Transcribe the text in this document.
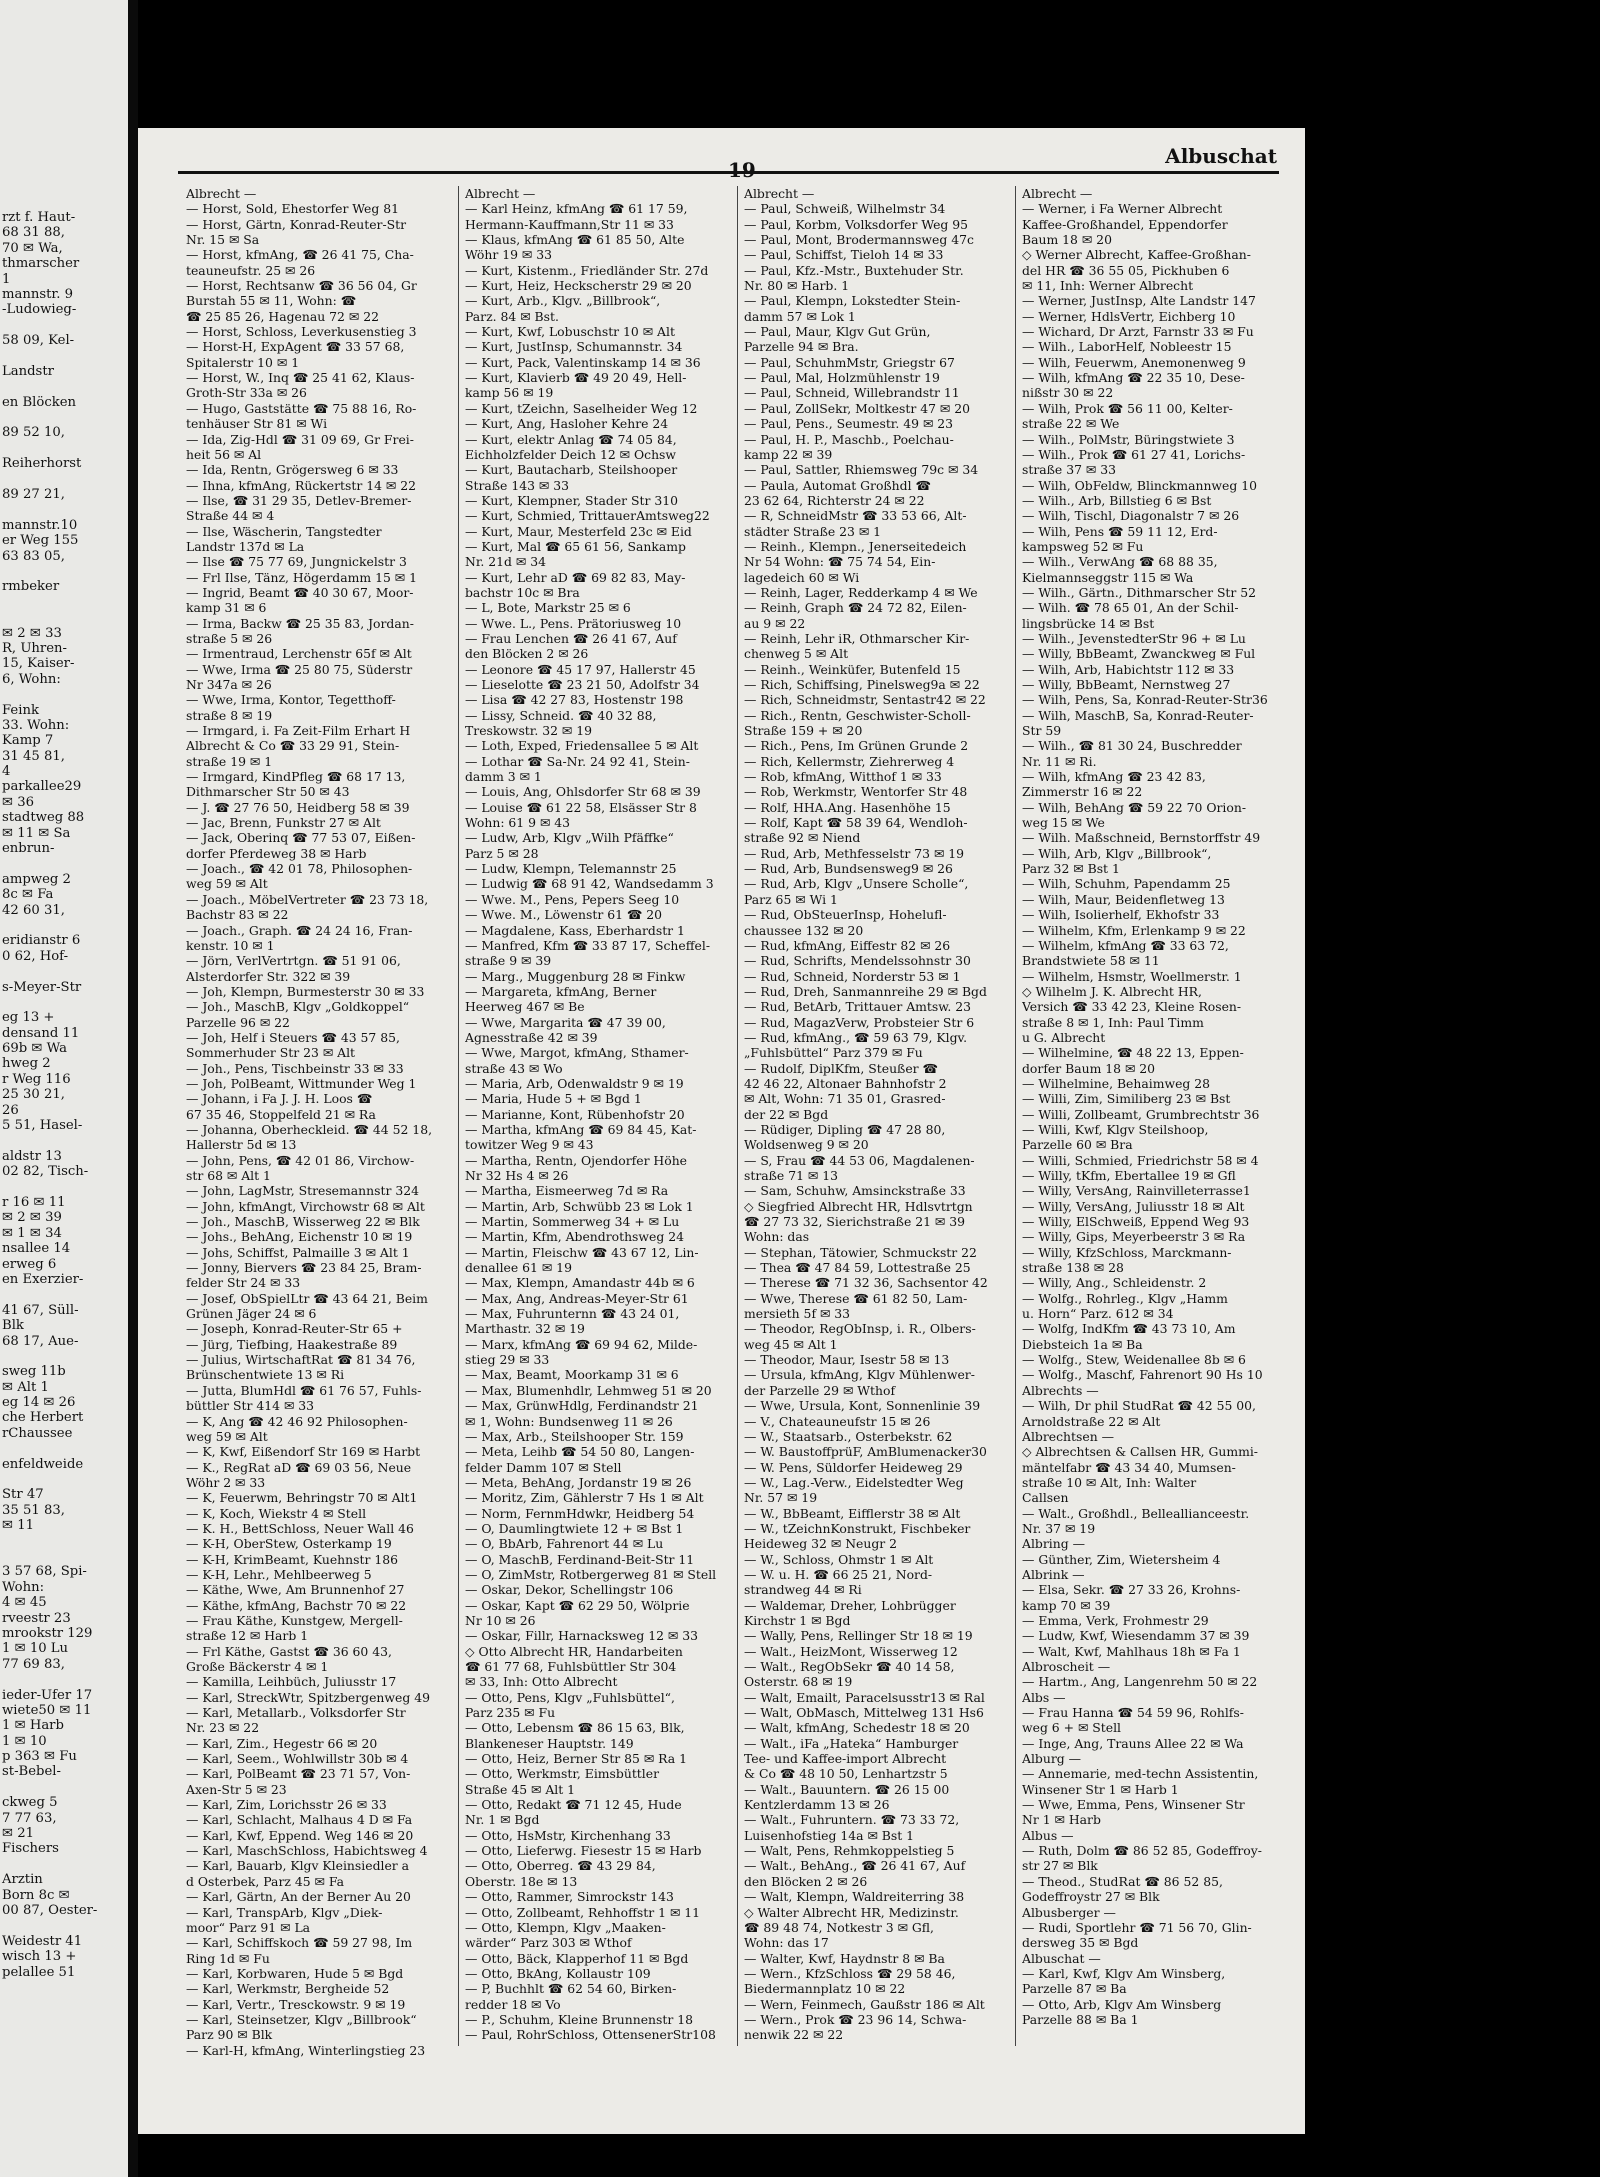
rzt f. Haut-
68 31 88,
70 ✉ Wa,
thmarscher
1
mannstr. 9
-Ludowieg-
58 09, Kel-
Landstr
en Blöcken
89 52 10,
Reiherhorst
89 27 21,
mannstr.10
er Weg 155
63 83 05,
rmbeker
✉ 2 ✉ 33
R, Uhren-
15, Kaiser-
6, Wohn:
Feink
33. Wohn:
Kamp 7
31 45 81,
4
parkallee29
✉ 36
stadtweg 88
✉ 11 ✉ Sa
enbrun-
ampweg 2
8c ✉ Fa
42 60 31,
eridianstr 6
0 62, Hof-
s-Meyer-Str
eg 13 +
densand 11
69b ✉ Wa
hweg 2
r Weg 116
25 30 21,
26
5 51, Hasel-
aldstr 13
02 82, Tisch-
r 16 ✉ 11
✉ 2 ✉ 39
✉ 1 ✉ 34
nsallee 14
erweg 6
en Exerzier-
41 67, Süll-
Blk
68 17, Aue-
sweg 11b
✉ Alt 1
eg 14 ✉ 26
che Herbert
rChaussee
enfeldweide
Str 47
35 51 83,
✉ 11
3 57 68, Spi-
Wohn:
4 ✉ 45
rveestr 23
mrookstr 129
1 ✉ 10 Lu
77 69 83,
ieder-Ufer 17
wiete50 ✉ 11
1 ✉ Harb
1 ✉ 10
p 363 ✉ Fu
st-Bebel-
ckweg 5
7 77 63,
✉ 21
Fischers
Arztin
Born 8c ✉
00 87, Oester-
Weidestr 41
wisch 13 +
pelallee 51
19
Albuschat
Albrecht —
— Horst, Sold, Ehestorfer Weg 81
— Horst, Gärtn, Konrad-Reuter-Str
Nr. 15 ✉ Sa
— Horst, kfmAng, ☎ 26 41 75, Cha-
teauneufstr. 25 ✉ 26
— Horst, Rechtsanw ☎ 36 56 04, Gr
Burstah 55 ✉ 11, Wohn: ☎
☎ 25 85 26, Hagenau 72 ✉ 22
— Horst, Schloss, Leverkusenstieg 3
— Horst-H, ExpAgent ☎ 33 57 68,
Spitalerstr 10 ✉ 1
— Horst, W., Inq ☎ 25 41 62, Klaus-
Groth-Str 33a ✉ 26
— Hugo, Gaststätte ☎ 75 88 16, Ro-
tenhäuser Str 81 ✉ Wi
— Ida, Zig-Hdl ☎ 31 09 69, Gr Frei-
heit 56 ✉ Al
— Ida, Rentn, Grögersweg 6 ✉ 33
— Ihna, kfmAng, Rückertstr 14 ✉ 22
— Ilse, ☎ 31 29 35, Detlev-Bremer-
Straße 44 ✉ 4
— Ilse, Wäscherin, Tangstedter
Landstr 137d ✉ La
— Ilse ☎ 75 77 69, Jungnickelstr 3
— Frl Ilse, Tänz, Högerdamm 15 ✉ 1
— Ingrid, Beamt ☎ 40 30 67, Moor-
kamp 31 ✉ 6
— Irma, Backw ☎ 25 35 83, Jordan-
straße 5 ✉ 26
— Irmentraud, Lerchenstr 65f ✉ Alt
— Wwe, Irma ☎ 25 80 75, Süderstr
Nr 347a ✉ 26
— Wwe, Irma, Kontor, Tegetthoff-
straße 8 ✉ 19
— Irmgard, i. Fa Zeit-Film Erhart H
Albrecht & Co ☎ 33 29 91, Stein-
straße 19 ✉ 1
— Irmgard, KindPfleg ☎ 68 17 13,
Dithmarscher Str 50 ✉ 43
— J. ☎ 27 76 50, Heidberg 58 ✉ 39
— Jac, Brenn, Funkstr 27 ✉ Alt
— Jack, Oberinq ☎ 77 53 07, Eißen-
dorfer Pferdeweg 38 ✉ Harb
— Joach., ☎ 42 01 78, Philosophen-
weg 59 ✉ Alt
— Joach., MöbelVertreter ☎ 23 73 18,
Bachstr 83 ✉ 22
— Joach., Graph. ☎ 24 24 16, Fran-
kenstr. 10 ✉ 1
— Jörn, VerlVertrtgn. ☎ 51 91 06,
Alsterdorfer Str. 322 ✉ 39
— Joh, Klempn, Burmesterstr 30 ✉ 33
— Joh., MaschB, Klgv „Goldkoppel“
Parzelle 96 ✉ 22
— Joh, Helf i Steuers ☎ 43 57 85,
Sommerhuder Str 23 ✉ Alt
— Joh., Pens, Tischbeinstr 33 ✉ 33
— Joh, PolBeamt, Wittmunder Weg 1
— Johann, i Fa J. J. H. Loos ☎
67 35 46, Stoppelfeld 21 ✉ Ra
— Johanna, Oberheckleid. ☎ 44 52 18,
Hallerstr 5d ✉ 13
— John, Pens, ☎ 42 01 86, Virchow-
str 68 ✉ Alt 1
— John, LagMstr, Stresemannstr 324
— John, kfmAngt, Virchowstr 68 ✉ Alt
— Joh., MaschB, Wisserweg 22 ✉ Blk
— Johs., BehAng, Eichenstr 10 ✉ 19
— Johs, Schiffst, Palmaille 3 ✉ Alt 1
— Jonny, Biervers ☎ 23 84 25, Bram-
felder Str 24 ✉ 33
— Josef, ObSpielLtr ☎ 43 64 21, Beim
Grünen Jäger 24 ✉ 6
— Joseph, Konrad-Reuter-Str 65 +
— Jürg, Tiefbing, Haakestraße 89
— Julius, WirtschaftRat ☎ 81 34 76,
Brünschentwiete 13 ✉ Ri
— Jutta, BlumHdl ☎ 61 76 57, Fuhls-
büttler Str 414 ✉ 33
— K, Ang ☎ 42 46 92 Philosophen-
weg 59 ✉ Alt
— K, Kwf, Eißendorf Str 169 ✉ Harbt
— K., RegRat aD ☎ 69 03 56, Neue
Wöhr 2 ✉ 33
— K, Feuerwm, Behringstr 70 ✉ Alt1
— K, Koch, Wiekstr 4 ✉ Stell
— K. H., BettSchloss, Neuer Wall 46
— K-H, OberStew, Osterkamp 19
— K-H, KrimBeamt, Kuehnstr 186
— K-H, Lehr., Mehlbeerweg 5
— Käthe, Wwe, Am Brunnenhof 27
— Käthe, kfmAng, Bachstr 70 ✉ 22
— Frau Käthe, Kunstgew, Mergell-
straße 12 ✉ Harb 1
— Frl Käthe, Gastst ☎ 36 60 43,
Große Bäckerstr 4 ✉ 1
— Kamilla, Leihbüch, Juliusstr 17
— Karl, StreckWtr, Spitzbergenweg 49
— Karl, Metallarb., Volksdorfer Str
Nr. 23 ✉ 22
— Karl, Zim., Hegestr 66 ✉ 20
— Karl, Seem., Wohlwillstr 30b ✉ 4
— Karl, PolBeamt ☎ 23 71 57, Von-
Axen-Str 5 ✉ 23
— Karl, Zim, Lorichsstr 26 ✉ 33
— Karl, Schlacht, Malhaus 4 D ✉ Fa
— Karl, Kwf, Eppend. Weg 146 ✉ 20
— Karl, MaschSchloss, Habichtsweg 4
— Karl, Bauarb, Klgv Kleinsiedler a
d Osterbek, Parz 45 ✉ Fa
— Karl, Gärtn, An der Berner Au 20
— Karl, TranspArb, Klgv „Diek-
moor“ Parz 91 ✉ La
— Karl, Schiffskoch ☎ 59 27 98, Im
Ring 1d ✉ Fu
— Karl, Korbwaren, Hude 5 ✉ Bgd
— Karl, Werkmstr, Bergheide 52
— Karl, Vertr., Tresckowstr. 9 ✉ 19
— Karl, Steinsetzer, Klgv „Billbrook“
Parz 90 ✉ Blk
— Karl-H, kfmAng, Winterlingstieg 23
Albrecht —
— Karl Heinz, kfmAng ☎ 61 17 59,
Hermann-Kauffmann,Str 11 ✉ 33
— Klaus, kfmAng ☎ 61 85 50, Alte
Wöhr 19 ✉ 33
— Kurt, Kistenm., Friedländer Str. 27d
— Kurt, Heiz, Heckscherstr 29 ✉ 20
— Kurt, Arb., Klgv. „Billbrook“,
Parz. 84 ✉ Bst.
— Kurt, Kwf, Lobuschstr 10 ✉ Alt
— Kurt, JustInsp, Schumannstr. 34
— Kurt, Pack, Valentinskamp 14 ✉ 36
— Kurt, Klavierb ☎ 49 20 49, Hell-
kamp 56 ✉ 19
— Kurt, tZeichn, Saselheider Weg 12
— Kurt, Ang, Hasloher Kehre 24
— Kurt, elektr Anlag ☎ 74 05 84,
Eichholzfelder Deich 12 ✉ Ochsw
— Kurt, Bautacharb, Steilshooper
Straße 143 ✉ 33
— Kurt, Klempner, Stader Str 310
— Kurt, Schmied, TrittauerAmtsweg22
— Kurt, Maur, Mesterfeld 23c ✉ Eid
— Kurt, Mal ☎ 65 61 56, Sankamp
Nr. 21d ✉ 34
— Kurt, Lehr aD ☎ 69 82 83, May-
bachstr 10c ✉ Bra
— L, Bote, Markstr 25 ✉ 6
— Wwe. L., Pens. Prätoriusweg 10
— Frau Lenchen ☎ 26 41 67, Auf
den Blöcken 2 ✉ 26
— Leonore ☎ 45 17 97, Hallerstr 45
— Lieselotte ☎ 23 21 50, Adolfstr 34
— Lisa ☎ 42 27 83, Hostenstr 198
— Lissy, Schneid. ☎ 40 32 88,
Treskowstr. 32 ✉ 19
— Loth, Exped, Friedensallee 5 ✉ Alt
— Lothar ☎ Sa-Nr. 24 92 41, Stein-
damm 3 ✉ 1
— Louis, Ang, Ohlsdorfer Str 68 ✉ 39
— Louise ☎ 61 22 58, Elsässer Str 8
Wohn: 61 9 ✉ 43
— Ludw, Arb, Klgv „Wilh Pfäffke“
Parz 5 ✉ 28
— Ludw, Klempn, Telemannstr 25
— Ludwig ☎ 68 91 42, Wandsedamm 3
— Wwe. M., Pens, Pepers Seeg 10
— Wwe. M., Löwenstr 61 ☎ 20
— Magdalene, Kass, Eberhardstr 1
— Manfred, Kfm ☎ 33 87 17, Scheffel-
straße 9 ✉ 39
— Marg., Muggenburg 28 ✉ Finkw
— Margareta, kfmAng, Berner
Heerweg 467 ✉ Be
— Wwe, Margarita ☎ 47 39 00,
Agnesstraße 42 ✉ 39
— Wwe, Margot, kfmAng, Sthamer-
straße 43 ✉ Wo
— Maria, Arb, Odenwaldstr 9 ✉ 19
— Maria, Hude 5 + ✉ Bgd 1
— Marianne, Kont, Rübenhofstr 20
— Martha, kfmAng ☎ 69 84 45, Kat-
towitzer Weg 9 ✉ 43
— Martha, Rentn, Ojendorfer Höhe
Nr 32 Hs 4 ✉ 26
— Martha, Eismeerweg 7d ✉ Ra
— Martin, Arb, Schwübb 23 ✉ Lok 1
— Martin, Sommerweg 34 + ✉ Lu
— Martin, Kfm, Abendrothsweg 24
— Martin, Fleischw ☎ 43 67 12, Lin-
denallee 61 ✉ 19
— Max, Klempn, Amandastr 44b ✉ 6
— Max, Ang, Andreas-Meyer-Str 61
— Max, Fuhrunternn ☎ 43 24 01,
Marthastr. 32 ✉ 19
— Marx, kfmAng ☎ 69 94 62, Milde-
stieg 29 ✉ 33
— Max, Beamt, Moorkamp 31 ✉ 6
— Max, Blumenhdlr, Lehmweg 51 ✉ 20
— Max, GrünwHdlg, Ferdinandstr 21
✉ 1, Wohn: Bundsenweg 11 ✉ 26
— Max, Arb., Steilshooper Str. 159
— Meta, Leihb ☎ 54 50 80, Langen-
felder Damm 107 ✉ Stell
— Meta, BehAng, Jordanstr 19 ✉ 26
— Moritz, Zim, Gählerstr 7 Hs 1 ✉ Alt
— Norm, FernmHdwkr, Heidberg 54
— O, Daumlingtwiete 12 + ✉ Bst 1
— O, BbArb, Fahrenort 44 ✉ Lu
— O, MaschB, Ferdinand-Beit-Str 11
— O, ZimMstr, Rotbergerweg 81 ✉ Stell
— Oskar, Dekor, Schellingstr 106
— Oskar, Kapt ☎ 62 29 50, Wölprie
Nr 10 ✉ 26
— Oskar, Fillr, Harnacksweg 12 ✉ 33
◇ Otto Albrecht HR, Handarbeiten
☎ 61 77 68, Fuhlsbüttler Str 304
✉ 33, Inh: Otto Albrecht
— Otto, Pens, Klgv „Fuhlsbüttel“,
Parz 235 ✉ Fu
— Otto, Lebensm ☎ 86 15 63, Blk,
Blankeneser Hauptstr. 149
— Otto, Heiz, Berner Str 85 ✉ Ra 1
— Otto, Werkmstr, Eimsbüttler
Straße 45 ✉ Alt 1
— Otto, Redakt ☎ 71 12 45, Hude
Nr. 1 ✉ Bgd
— Otto, HsMstr, Kirchenhang 33
— Otto, Lieferwg. Fiesestr 15 ✉ Harb
— Otto, Oberreg. ☎ 43 29 84,
Oberstr. 18e ✉ 13
— Otto, Rammer, Simrockstr 143
— Otto, Zollbeamt, Rehhoffstr 1 ✉ 11
— Otto, Klempn, Klgv „Maaken-
wärder“ Parz 303 ✉ Wthof
— Otto, Bäck, Klapperhof 11 ✉ Bgd
— Otto, BkAng, Kollaustr 109
— P, Buchhlt ☎ 62 54 60, Birken-
redder 18 ✉ Vo
— P., Schuhm, Kleine Brunnenstr 18
— Paul, RohrSchloss, OttensenerStr108
Albrecht —
— Paul, Schweiß, Wilhelmstr 34
— Paul, Korbm, Volksdorfer Weg 95
— Paul, Mont, Brodermannsweg 47c
— Paul, Schiffst, Tieloh 14 ✉ 33
— Paul, Kfz.-Mstr., Buxtehuder Str.
Nr. 80 ✉ Harb. 1
— Paul, Klempn, Lokstedter Stein-
damm 57 ✉ Lok 1
— Paul, Maur, Klgv Gut Grün,
Parzelle 94 ✉ Bra.
— Paul, SchuhmMstr, Griegstr 67
— Paul, Mal, Holzmühlenstr 19
— Paul, Schneid, Willebrandstr 11
— Paul, ZollSekr, Moltkestr 47 ✉ 20
— Paul, Pens., Seumestr. 49 ✉ 23
— Paul, H. P., Maschb., Poelchau-
kamp 22 ✉ 39
— Paul, Sattler, Rhiemsweg 79c ✉ 34
— Paula, Automat Großhdl ☎
23 62 64, Richterstr 24 ✉ 22
— R, SchneidMstr ☎ 33 53 66, Alt-
städter Straße 23 ✉ 1
— Reinh., Klempn., Jenerseitedeich
Nr 54 Wohn: ☎ 75 74 54, Ein-
lagedeich 60 ✉ Wi
— Reinh, Lager, Redderkamp 4 ✉ We
— Reinh, Graph ☎ 24 72 82, Eilen-
au 9 ✉ 22
— Reinh, Lehr iR, Othmarscher Kir-
chenweg 5 ✉ Alt
— Reinh., Weinküfer, Butenfeld 15
— Rich, Schiffsing, Pinelsweg9a ✉ 22
— Rich, Schneidmstr, Sentastr42 ✉ 22
— Rich., Rentn, Geschwister-Scholl-
Straße 159 + ✉ 20
— Rich., Pens, Im Grünen Grunde 2
— Rich, Kellermstr, Ziehrerweg 4
— Rob, kfmAng, Witthof 1 ✉ 33
— Rob, Werkmstr, Wentorfer Str 48
— Rolf, HHA.Ang. Hasenhöhe 15
— Rolf, Kapt ☎ 58 39 64, Wendloh-
straße 92 ✉ Niend
— Rud, Arb, Methfesselstr 73 ✉ 19
— Rud, Arb, Bundsensweg9 ✉ 26
— Rud, Arb, Klgv „Unsere Scholle“,
Parz 65 ✉ Wi 1
— Rud, ObSteuerInsp, Hohelufl-
chaussee 132 ✉ 20
— Rud, kfmAng, Eiffestr 82 ✉ 26
— Rud, Schrifts, Mendelssohnstr 30
— Rud, Schneid, Norderstr 53 ✉ 1
— Rud, Dreh, Sanmannreihe 29 ✉ Bgd
— Rud, BetArb, Trittauer Amtsw. 23
— Rud, MagazVerw, Probsteier Str 6
— Rud, kfmAng., ☎ 59 63 79, Klgv.
„Fuhlsbüttel“ Parz 379 ✉ Fu
— Rudolf, DiplKfm, Steußer ☎
42 46 22, Altonaer Bahnhofstr 2
✉ Alt, Wohn: 71 35 01, Grasred-
der 22 ✉ Bgd
— Rüdiger, Dipling ☎ 47 28 80,
Woldsenweg 9 ✉ 20
— S, Frau ☎ 44 53 06, Magdalenen-
straße 71 ✉ 13
— Sam, Schuhw, Amsinckstraße 33
◇ Siegfried Albrecht HR, Hdlsvtrtgn
☎ 27 73 32, Sierichstraße 21 ✉ 39
Wohn: das
— Stephan, Tätowier, Schmuckstr 22
— Thea ☎ 47 84 59, Lottestraße 25
— Therese ☎ 71 32 36, Sachsentor 42
— Wwe, Therese ☎ 61 82 50, Lam-
mersieth 5f ✉ 33
— Theodor, RegObInsp, i. R., Olbers-
weg 45 ✉ Alt 1
— Theodor, Maur, Isestr 58 ✉ 13
— Ursula, kfmAng, Klgv Mühlenwer-
der Parzelle 29 ✉ Wthof
— Wwe, Ursula, Kont, Sonnenlinie 39
— V., Chateauneufstr 15 ✉ 26
— W., Staatsarb., Osterbekstr. 62
— W. BaustoffprüF, AmBlumenacker30
— W. Pens, Süldorfer Heideweg 29
— W., Lag.-Verw., Eidelstedter Weg
Nr. 57 ✉ 19
— W., BbBeamt, Eifflerstr 38 ✉ Alt
— W., tZeichnKonstrukt, Fischbeker
Heideweg 32 ✉ Neugr 2
— W., Schloss, Ohmstr 1 ✉ Alt
— W. u. H. ☎ 66 25 21, Nord-
strandweg 44 ✉ Ri
— Waldemar, Dreher, Lohbrügger
Kirchstr 1 ✉ Bgd
— Wally, Pens, Rellinger Str 18 ✉ 19
— Walt., HeizMont, Wisserweg 12
— Walt., RegObSekr ☎ 40 14 58,
Osterstr. 68 ✉ 19
— Walt, Emailt, Paracelsusstr13 ✉ Ral
— Walt, ObMasch, Mittelweg 131 Hs6
— Walt, kfmAng, Schedestr 18 ✉ 20
— Walt., iFa „Hateka“ Hamburger
Tee- und Kaffee-import Albrecht
& Co ☎ 48 10 50, Lenhartzstr 5
— Walt., Bauuntern. ☎ 26 15 00
Kentzlerdamm 13 ✉ 26
— Walt., Fuhruntern. ☎ 73 33 72,
Luisenhofstieg 14a ✉ Bst 1
— Walt, Pens, Rehmkoppelstieg 5
— Walt., BehAng., ☎ 26 41 67, Auf
den Blöcken 2 ✉ 26
— Walt, Klempn, Waldreiterring 38
◇ Walter Albrecht HR, Medizinstr.
☎ 89 48 74, Notkestr 3 ✉ Gfl,
Wohn: das 17
— Walter, Kwf, Haydnstr 8 ✉ Ba
— Wern., KfzSchloss ☎ 29 58 46,
Biedermannplatz 10 ✉ 22
— Wern, Feinmech, Gaußstr 186 ✉ Alt
— Wern., Prok ☎ 23 96 14, Schwa-
nenwik 22 ✉ 22
Albrecht —
— Werner, i Fa Werner Albrecht
Kaffee-Großhandel, Eppendorfer
Baum 18 ✉ 20
◇ Werner Albrecht, Kaffee-Großhan-
del HR ☎ 36 55 05, Pickhuben 6
✉ 11, Inh: Werner Albrecht
— Werner, JustInsp, Alte Landstr 147
— Werner, HdlsVertr, Eichberg 10
— Wichard, Dr Arzt, Farnstr 33 ✉ Fu
— Wilh., LaborHelf, Nobleestr 15
— Wilh, Feuerwm, Anemonenweg 9
— Wilh, kfmAng ☎ 22 35 10, Dese-
nißstr 30 ✉ 22
— Wilh, Prok ☎ 56 11 00, Kelter-
straße 22 ✉ We
— Wilh., PolMstr, Büringstwiete 3
— Wilh., Prok ☎ 61 27 41, Lorichs-
straße 37 ✉ 33
— Wilh, ObFeldw, Blinckmannweg 10
— Wilh., Arb, Billstieg 6 ✉ Bst
— Wilh, Tischl, Diagonalstr 7 ✉ 26
— Wilh, Pens ☎ 59 11 12, Erd-
kampsweg 52 ✉ Fu
— Wilh., VerwAng ☎ 68 88 35,
Kielmannseggstr 115 ✉ Wa
— Wilh., Gärtn., Dithmarscher Str 52
— Wilh. ☎ 78 65 01, An der Schil-
lingsbrücke 14 ✉ Bst
— Wilh., JevenstedterStr 96 + ✉ Lu
— Willy, BbBeamt, Zwanckweg ✉ Ful
— Wilh, Arb, Habichtstr 112 ✉ 33
— Willy, BbBeamt, Nernstweg 27
— Wilh, Pens, Sa, Konrad-Reuter-Str36
— Wilh, MaschB, Sa, Konrad-Reuter-
Str 59
— Wilh., ☎ 81 30 24, Buschredder
Nr. 11 ✉ Ri.
— Wilh, kfmAng ☎ 23 42 83,
Zimmerstr 16 ✉ 22
— Wilh, BehAng ☎ 59 22 70 Orion-
weg 15 ✉ We
— Wilh. Maßschneid, Bernstorffstr 49
— Wilh, Arb, Klgv „Billbrook“,
Parz 32 ✉ Bst 1
— Wilh, Schuhm, Papendamm 25
— Wilh, Maur, Beidenfletweg 13
— Wilh, Isolierhelf, Ekhofstr 33
— Wilhelm, Kfm, Erlenkamp 9 ✉ 22
— Wilhelm, kfmAng ☎ 33 63 72,
Brandstwiete 58 ✉ 11
— Wilhelm, Hsmstr, Woellmerstr. 1
◇ Wilhelm J. K. Albrecht HR,
Versich ☎ 33 42 23, Kleine Rosen-
straße 8 ✉ 1, Inh: Paul Timm
u G. Albrecht
— Wilhelmine, ☎ 48 22 13, Eppen-
dorfer Baum 18 ✉ 20
— Wilhelmine, Behaimweg 28
— Willi, Zim, Similiberg 23 ✉ Bst
— Willi, Zollbeamt, Grumbrechtstr 36
— Willi, Kwf, Klgv Steilshoop,
Parzelle 60 ✉ Bra
— Willi, Schmied, Friedrichstr 58 ✉ 4
— Willy, tKfm, Ebertallee 19 ✉ Gfl
— Willy, VersAng, Rainvilleterrasse1
— Willy, VersAng, Juliusstr 18 ✉ Alt
— Willy, ElSchweiß, Eppend Weg 93
— Willy, Gips, Meyerbeerstr 3 ✉ Ra
— Willy, KfzSchloss, Marckmann-
straße 138 ✉ 28
— Willy, Ang., Schleidenstr. 2
— Wolfg., Rohrleg., Klgv „Hamm
u. Horn“ Parz. 612 ✉ 34
— Wolfg, IndKfm ☎ 43 73 10, Am
Diebsteich 1a ✉ Ba
— Wolfg., Stew, Weidenallee 8b ✉ 6
— Wolfg., Maschf, Fahrenort 90 Hs 10
Albrechts —
— Wilh, Dr phil StudRat ☎ 42 55 00,
Arnoldstraße 22 ✉ Alt
Albrechtsen —
◇ Albrechtsen & Callsen HR, Gummi-
mäntelfabr ☎ 43 34 40, Mumsen-
straße 10 ✉ Alt, Inh: Walter
Callsen
— Walt., Großhdl., Belleallianceestr.
Nr. 37 ✉ 19
Albring —
— Günther, Zim, Wietersheim 4
Albrink —
— Elsa, Sekr. ☎ 27 33 26, Krohns-
kamp 70 ✉ 39
— Emma, Verk, Frohmestr 29
— Ludw, Kwf, Wiesendamm 37 ✉ 39
— Walt, Kwf, Mahlhaus 18h ✉ Fa 1
Albroscheit —
— Hartm., Ang, Langenrehm 50 ✉ 22
Albs —
— Frau Hanna ☎ 54 59 96, Rohlfs-
weg 6 + ✉ Stell
— Inge, Ang, Trauns Allee 22 ✉ Wa
Alburg —
— Annemarie, med-techn Assistentin,
Winsener Str 1 ✉ Harb 1
— Wwe, Emma, Pens, Winsener Str
Nr 1 ✉ Harb
Albus —
— Ruth, Dolm ☎ 86 52 85, Godeffroy-
str 27 ✉ Blk
— Theod., StudRat ☎ 86 52 85,
Godeffroystr 27 ✉ Blk
Albusberger —
— Rudi, Sportlehr ☎ 71 56 70, Glin-
dersweg 35 ✉ Bgd
Albuschat —
— Karl, Kwf, Klgv Am Winsberg,
Parzelle 87 ✉ Ba
— Otto, Arb, Klgv Am Winsberg
Parzelle 88 ✉ Ba 1
